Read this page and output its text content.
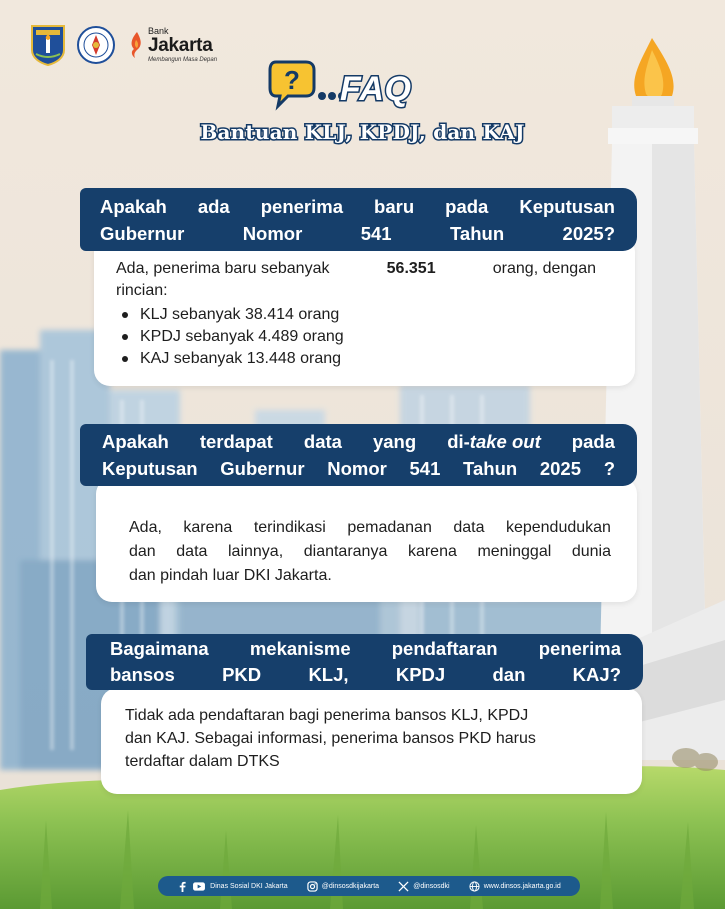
Bank
Jakarta
Membangun Masa Depan
? FAQ
Bantuan KLJ, KPDJ, dan KAJ
Ada, penerima baru sebanyak	56.351	orang, dengan
rincian:
KLJ sebanyak 38.414 orang
KPDJ sebanyak 4.489 orang
KAJ sebanyak 13.448 orang
Apakah ada penerima baru pada Keputusan
Gubernur Nomor 541 Tahun 2025?
Ada, karena terindikasi pemadanan data kependudukan
dan data lainnya, diantaranya karena meninggal dunia
dan pindah luar DKI Jakarta.
Apakah terdapat data yang di-take out pada
Keputusan Gubernur Nomor 541 Tahun 2025 ?
Tidak ada pendaftaran bagi penerima bansos KLJ, KPDJ
dan KAJ. Sebagai informasi, penerima bansos PKD harus
terdaftar dalam DTKS
Bagaimana mekanisme pendaftaran penerima
bansos PKD KLJ, KPDJ dan KAJ?
Dinas Sosial DKI Jakarta	@dinsosdkijakarta	@dinsosdki	www.dinsos.jakarta.go.id
